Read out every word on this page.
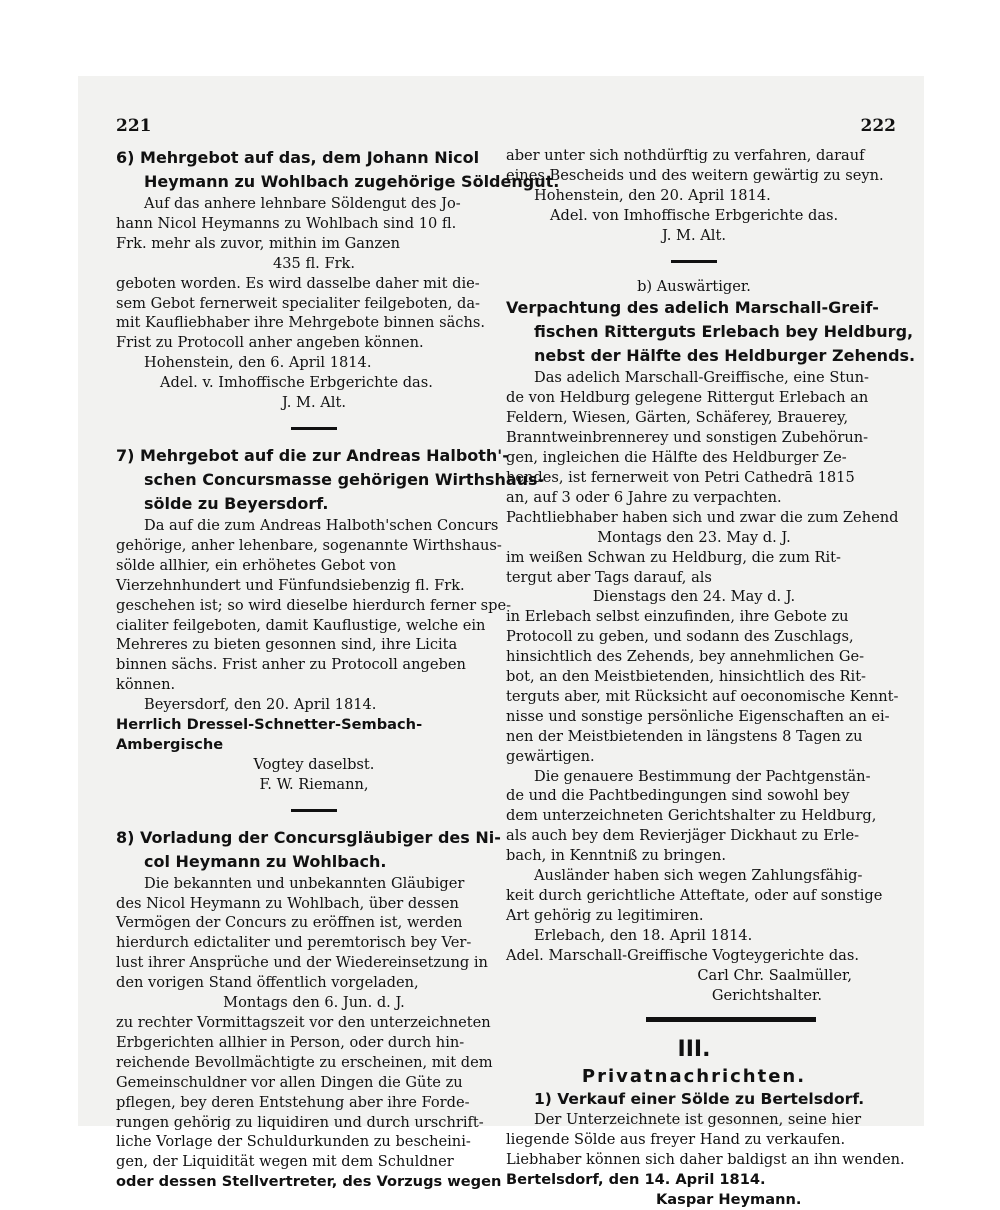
221	222
6) Mehrgebot auf das, dem Johann Nicol
Heymann zu Wohlbach zugehörige Söldengut.

Auf das anhere lehnbare Söldengut des Jo-
hann Nicol Heymanns zu Wohlbach sind 10 fl.
Frk. mehr als zuvor, mithin im Ganzen

435 fl. Frk.

geboten worden. Es wird dasselbe daher mit die-
sem Gebot fernerweit specialiter feilgeboten, da-
mit Kaufliebhaber ihre Mehrgebote binnen sächs.
Frist zu Protocoll anher angeben können.

Hohenstein, den 6. April 1814.
Adel. v. Imhoffische Erbgerichte das.
J. M. Alt.
7) Mehrgebot auf die zur Andreas Halboth'-
schen Concursmasse gehörigen Wirthshaus-
sölde zu Beyersdorf.

Da auf die zum Andreas Halboth'schen Concurs
gehörige, anher lehenbare, sogenannte Wirthshaus-
sölde allhier, ein erhöhetes Gebot von
Vierzehnhundert und Fünfundsiebenzig fl. Frk.
geschehen ist; so wird dieselbe hierdurch ferner spe-
cialiter feilgeboten, damit Kauflustige, welche ein
Mehreres zu bieten gesonnen sind, ihre Licita
binnen sächs. Frist anher zu Protocoll angeben
können.

Beyersdorf, den 20. April 1814.
Herrlich Dressel-Schnetter-Sembach-Ambergische
Vogtey daselbst.
F. W. Riemann,
8) Vorladung der Concursgläubiger des Ni-
col Heymann zu Wohlbach.

Die bekannten und unbekannten Gläubiger
des Nicol Heymann zu Wohlbach, über dessen
Vermögen der Concurs zu eröffnen ist, werden
hierdurch edictaliter und peremtorisch bey Ver-
lust ihrer Ansprüche und der Wiedereinsetzung in
den vorigen Stand öffentlich vorgeladen,

Montags den 6. Jun. d. J.

zu rechter Vormittagszeit vor den unterzeichneten
Erbgerichten allhier in Person, oder durch hin-
reichende Bevollmächtigte zu erscheinen, mit dem
Gemeinschuldner vor allen Dingen die Güte zu
pflegen, bey deren Entstehung aber ihre Forde-
rungen gehörig zu liquidiren und durch urschrift-
liche Vorlage der Schuldurkunden zu bescheini-
gen, der Liquidität wegen mit dem Schuldner
oder dessen Stellvertreter, des Vorzugs wegen

aber unter sich nothdürftig zu verfahren, darauf
eines Bescheids und des weitern gewärtig zu seyn.

Hohenstein, den 20. April 1814.
Adel. von Imhoffische Erbgerichte das.
J. M. Alt.
b) Auswärtiger.
Verpachtung des adelich Marschall-Greif-
fischen Ritterguts Erlebach bey Heldburg,
nebst der Hälfte des Heldburger Zehends.

Das adelich Marschall-Greiffische, eine Stun-
de von Heldburg gelegene Rittergut Erlebach an
Feldern, Wiesen, Gärten, Schäferey, Brauerey,
Branntweinbrennerey und sonstigen Zubehörun-
gen, ingleichen die Hälfte des Heldburger Ze-
hendes, ist fernerweit von Petri Cathedrā 1815
an, auf 3 oder 6 Jahre zu verpachten.
Pachtliebhaber haben sich und zwar die zum Zehend

Montags den 23. May d. J.

im weißen Schwan zu Heldburg, die zum Rit-
tergut aber Tags darauf, als

Dienstags den 24. May d. J.

in Erlebach selbst einzufinden, ihre Gebote zu
Protocoll zu geben, und sodann des Zuschlags,
hinsichtlich des Zehends, bey annehmlichen Ge-
bot, an den Meistbietenden, hinsichtlich des Rit-
terguts aber, mit Rücksicht auf oeconomische Kennt-
nisse und sonstige persönliche Eigenschaften an ei-
nen der Meistbietenden in längstens 8 Tagen zu
gewärtigen.

Die genauere Bestimmung der Pachtgenstän-
de und die Pachtbedingungen sind sowohl bey
dem unterzeichneten Gerichtshalter zu Heldburg,
als auch bey dem Revierjäger Dickhaut zu Erle-
bach, in Kenntniß zu bringen.

Ausländer haben sich wegen Zahlungsfähig-
keit durch gerichtliche Atteftate, oder auf sonstige
Art gehörig zu legitimiren.

Erlebach, den 18. April 1814.
Adel. Marschall-Greiffische Vogteygerichte das.
Carl Chr. Saalmüller,
Gerichtshalter.
III.
Privatnachrichten.
1) Verkauf einer Sölde zu Bertelsdorf.

Der Unterzeichnete ist gesonnen, seine hier
liegende Sölde aus freyer Hand zu verkaufen.
Liebhaber können sich daher baldigst an ihn wenden.

Bertelsdorf, den 14. April 1814.
Kaspar Heymann.
